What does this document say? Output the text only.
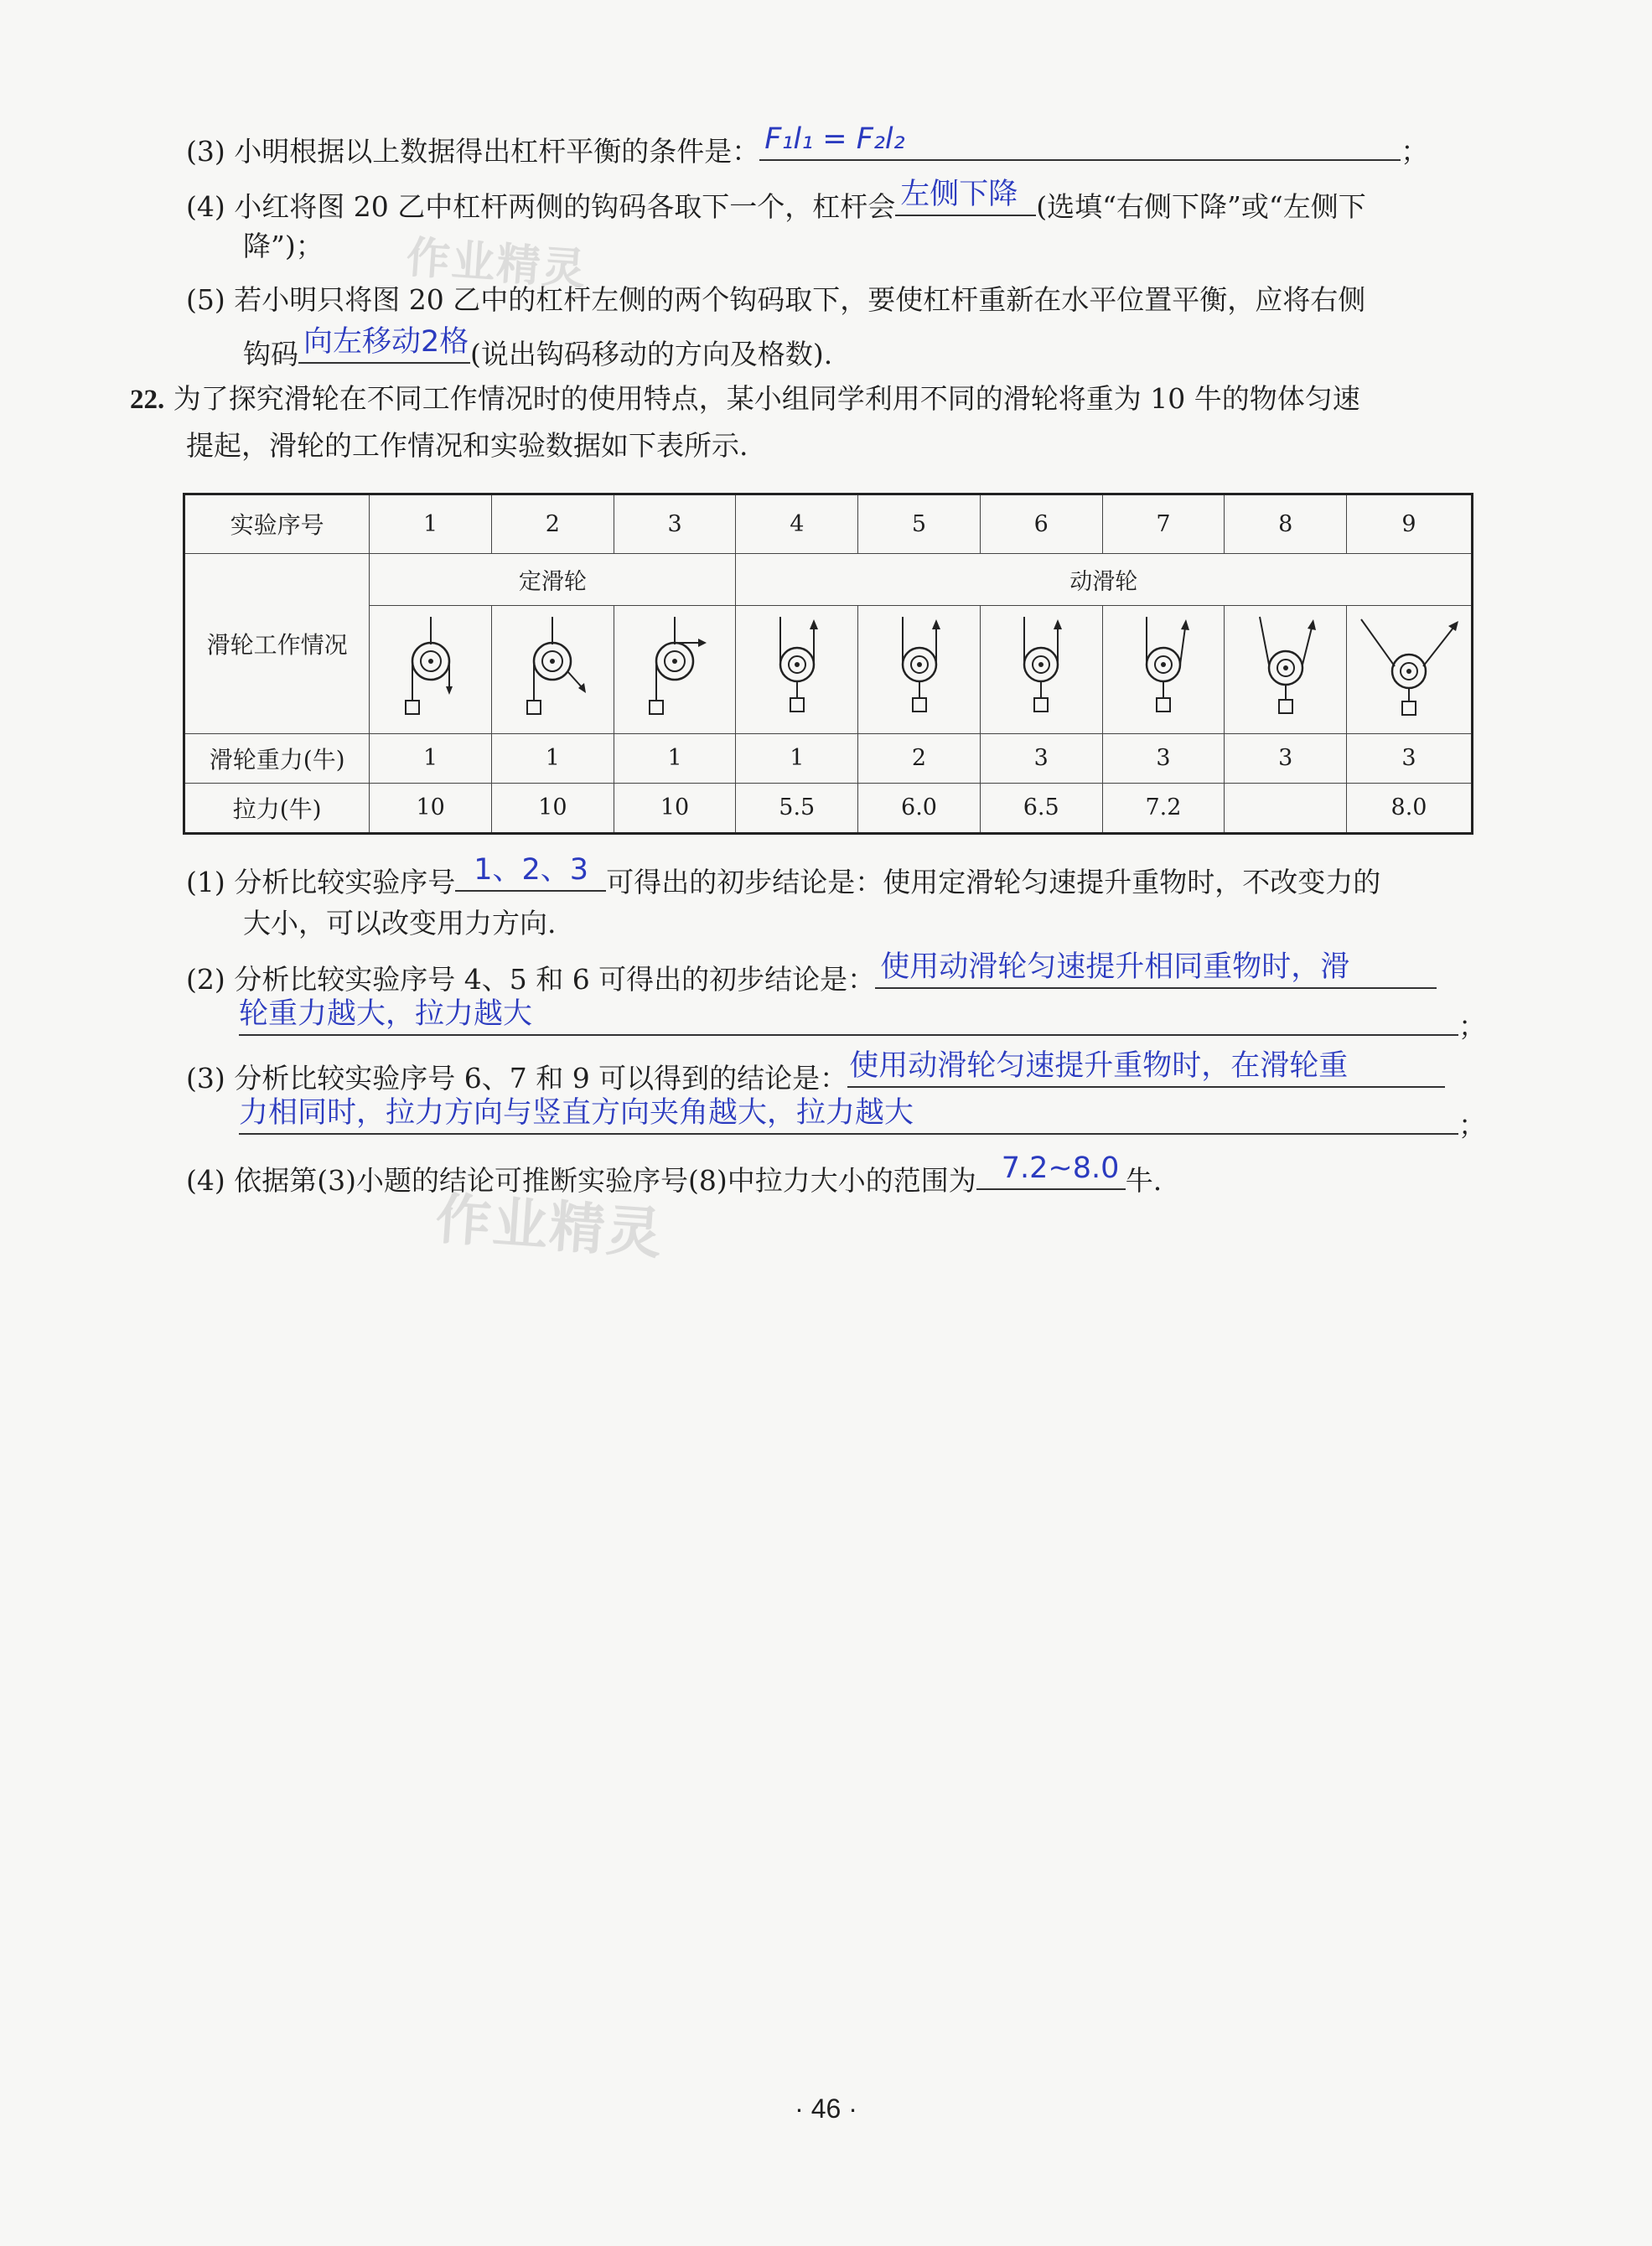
(3) 小明根据以上数据得出杠杆平衡的条件是： F₁l₁ = F₂l₂	；
(4) 小红将图 20 乙中杠杆两侧的钩码各取下一个，杠杆会 左侧下降 (选填“右侧下降”或“左侧下
降”)；
(5) 若小明只将图 20 乙中的杠杆左侧的两个钩码取下，要使杠杆重新在水平位置平衡，应将右侧
钩码 向左移动2格 (说出钩码移动的方向及格数).
22. 为了探究滑轮在不同工作情况时的使用特点，某小组同学利用不同的滑轮将重为 10 牛的物体匀速
提起，滑轮的工作情况和实验数据如下表所示.
实验序号	1	2	3	4	5	6	7	8	9
滑轮工作情况	定滑轮			动滑轮					

滑轮重力(牛)	1	1	1	1	2	3	3	3	3
拉力(牛)	10	10	10	5.5	6.0	6.5	7.2		8.0
(1) 分析比较实验序号 1、2、3 可得出的初步结论是：使用定滑轮匀速提升重物时，不改变力的
大小，可以改变用力方向.
(2) 分析比较实验序号 4、5 和 6 可得出的初步结论是： 使用动滑轮匀速提升相同重物时，滑
轮重力越大，拉力越大	；
(3) 分析比较实验序号 6、7 和 9 可以得到的结论是： 使用动滑轮匀速提升重物时，在滑轮重
力相同时，拉力方向与竖直方向夹角越大，拉力越大	；
(4) 依据第(3)小题的结论可推断实验序号(8)中拉力大小的范围为 7.2~8.0 牛.
作业精灵
作业精灵
· 46 ·
